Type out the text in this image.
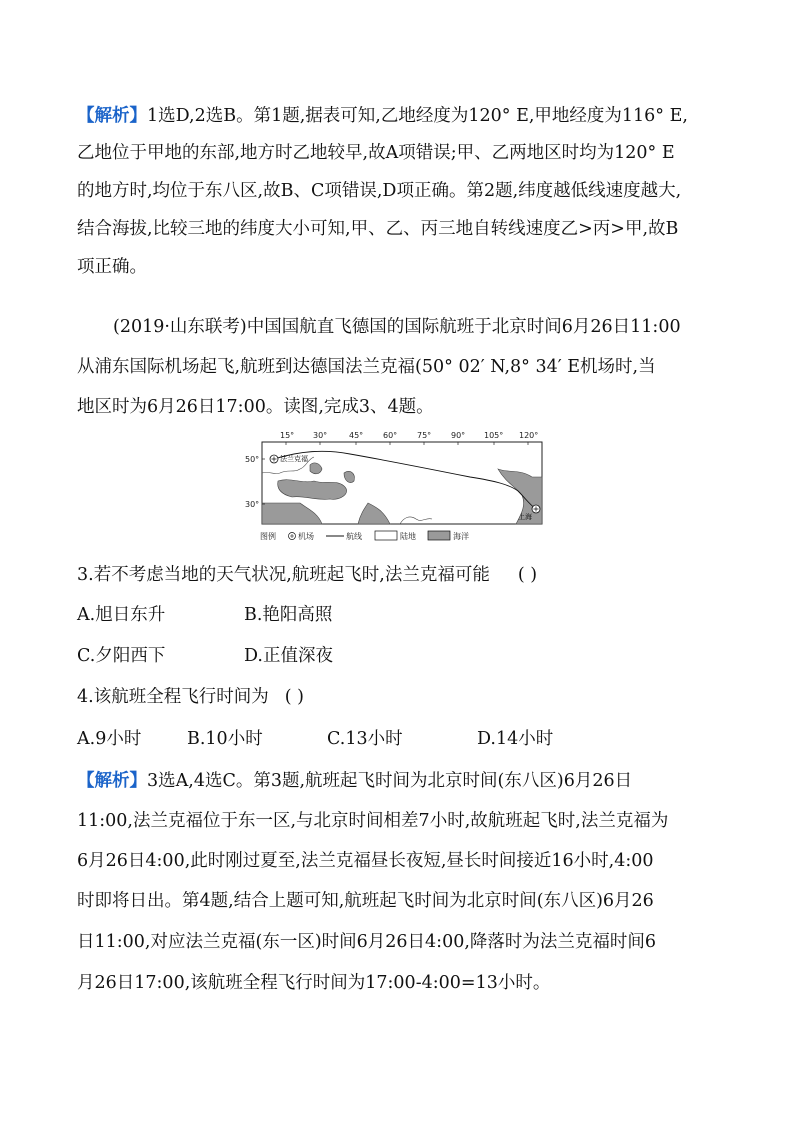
【解析】1选D,2选B。第1题,据表可知,乙地经度为120° E,甲地经度为116° E,
乙地位于甲地的东部,地方时乙地较早,故A项错误;甲、乙两地区时均为120° E
的地方时,均位于东八区,故B、C项错误,D项正确。第2题,纬度越低线速度越大,
结合海拔,比较三地的纬度大小可知,甲、乙、丙三地自转线速度乙>丙>甲,故B
项正确。
(2019·山东联考)中国国航直飞德国的国际航班于北京时间6月26日11:00
从浦东国际机场起飞,航班到达德国法兰克福(50° 02′ N,8° 34′ E机场时,当
地区时为6月26日17:00。读图,完成3、4题。
法兰克福
上海
15° 30°	45° 60° 75° 90° 105° 120°
50°
30°
图例	机场	航线	陆地	海洋
3.若不考虑当地的天气状况,航班起飞时,法兰克福可能 ( )
A.旭日东升	B.艳阳高照
C.夕阳西下	D.正值深夜
4.该航班全程飞行时间为 ( )
A.9小时	B.10小时	C.13小时	D.14小时
【解析】3选A,4选C。第3题,航班起飞时间为北京时间(东八区)6月26日
11:00,法兰克福位于东一区,与北京时间相差7小时,故航班起飞时,法兰克福为
6月26日4:00,此时刚过夏至,法兰克福昼长夜短,昼长时间接近16小时,4:00
时即将日出。第4题,结合上题可知,航班起飞时间为北京时间(东八区)6月26
日11:00,对应法兰克福(东一区)时间6月26日4:00,降落时为法兰克福时间6
月26日17:00,该航班全程飞行时间为17:00-4:00=13小时。
